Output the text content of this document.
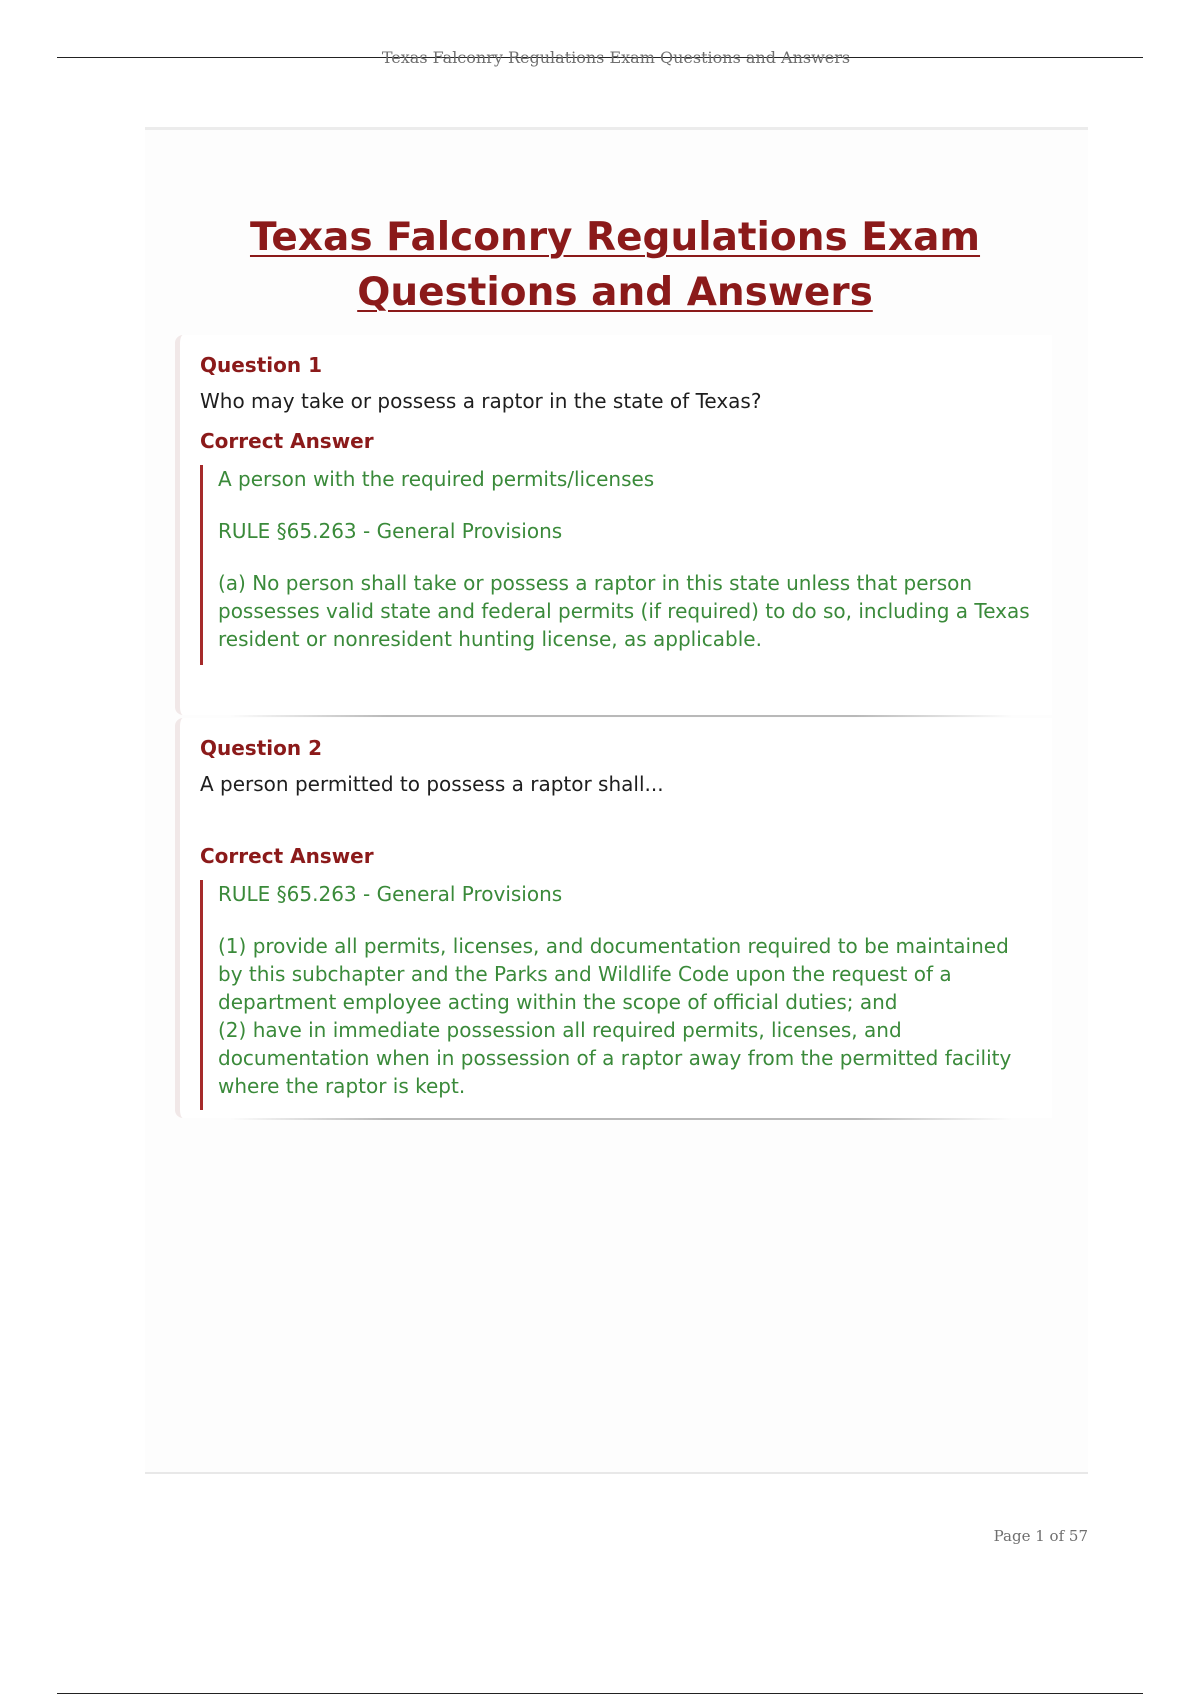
Texas Falconry Regulations Exam Questions and Answers
Texas Falconry Regulations Exam Questions and Answers
Question 1

Who may take or possess a raptor in the state of Texas?

Correct Answer

A person with the required permits/licenses

RULE §65.263 - General Provisions

(a) No person shall take or possess a raptor in this state unless that person possesses valid state and federal permits (if required) to do so, including a Texas resident or nonresident hunting license, as applicable.

Question 2

A person permitted to possess a raptor shall...

Correct Answer

RULE §65.263 - General Provisions

(1) provide all permits, licenses, and documentation required to be maintained by this subchapter and the Parks and Wildlife Code upon the request of a department employee acting within the scope of official duties; and

(2) have in immediate possession all required permits, licenses, and documentation when in possession of a raptor away from the permitted facility where the raptor is kept.

Page 1 of 57
